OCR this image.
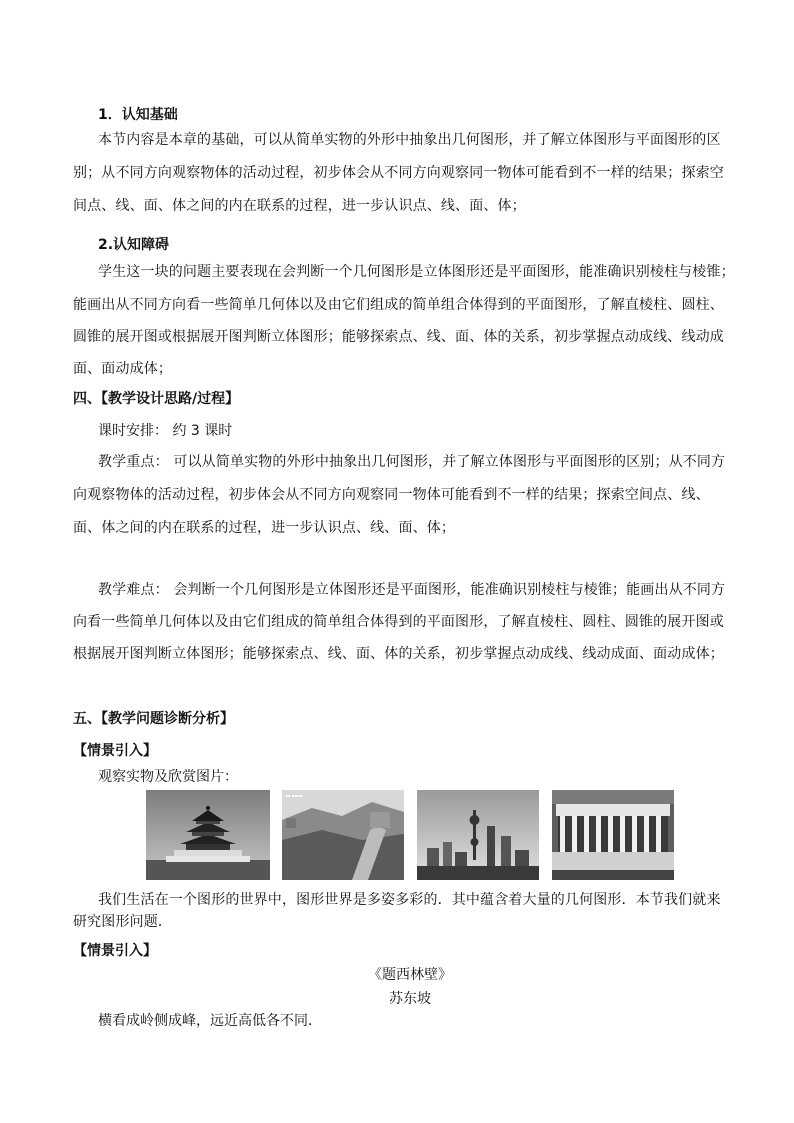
1．认知基础
本节内容是本章的基础，可以从简单实物的外形中抽象出几何图形，并了解立体图形与平面图形的区
别；从不同方向观察物体的活动过程，初步体会从不同方向观察同一物体可能看到不一样的结果；探索空
间点、线、面、体之间的内在联系的过程，进一步认识点、线、面、体；
2.认知障碍
学生这一块的问题主要表现在会判断一个几何图形是立体图形还是平面图形，能准确识别棱柱与棱锥；
能画出从不同方向看一些简单几何体以及由它们组成的简单组合体得到的平面图形，了解直棱柱、圆柱、
圆锥的展开图或根据展开图判断立体图形；能够探索点、线、面、体的关系，初步掌握点动成线、线动成
面、面动成体；
四、【教学设计思路/过程】
课时安排： 约 3 课时
教学重点： 可以从简单实物的外形中抽象出几何图形，并了解立体图形与平面图形的区别；从不同方
向观察物体的活动过程，初步体会从不同方向观察同一物体可能看到不一样的结果；探索空间点、线、
面、体之间的内在联系的过程，进一步认识点、线、面、体；
教学难点： 会判断一个几何图形是立体图形还是平面图形，能准确识别棱柱与棱锥；能画出从不同方
向看一些简单几何体以及由它们组成的简单组合体得到的平面图形，了解直棱柱、圆柱、圆锥的展开图或
根据展开图判断立体图形；能够探索点、线、面、体的关系，初步掌握点动成线、线动成面、面动成体；
五、【教学问题诊断分析】
【情景引入】
观察实物及欣赏图片：
▪▪ ▪▪▪▪
我们生活在一个图形的世界中，图形世界是多姿多彩的．其中蕴含着大量的几何图形．本节我们就来
研究图形问题．
【情景引入】
《题西林壁》
苏东坡
横看成岭侧成峰，远近高低各不同．
